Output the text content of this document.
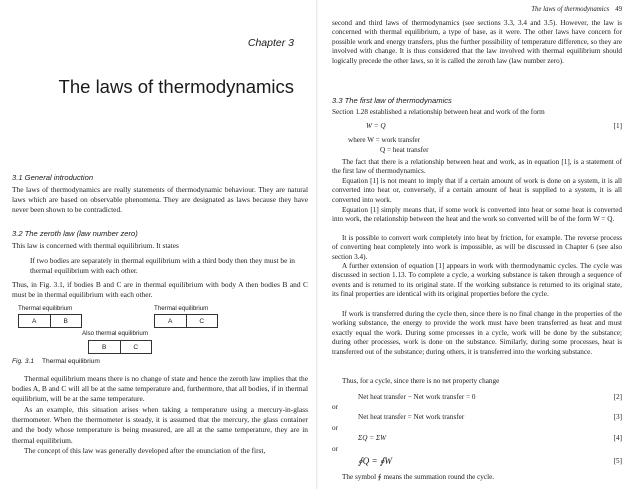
Chapter 3
The laws of thermodynamics
3.1 General introduction

The laws of thermodynamics are really statements of thermodynamic behaviour. They are natural laws which are based on observable phenomena. They are designated as laws because they have never been shown to be contradicted.

3.2 The zeroth law (law number zero)

This law is concerned with thermal equilibrium. It states

If two bodies are separately in thermal equilibrium with a third body then they must be in thermal equilibrium with each other.

Thus, in Fig. 3.1, if bodies B and C are in thermal equilibrium with body A then bodies B and C must be in thermal equilibrium with each other.

Thermal equilibrium
A	B
Thermal equilibrium
A	C
Also thermal equilibrium
B	C
Fig. 3.1 Thermal equilibrium

Thermal equilibrium means there is no change of state and hence the zeroth law implies that the bodies A, B and C will all be at the same temperature and, furthermore, that all bodies, if in thermal equilibrium, will be at the same temperature.

As an example, this situation arises when taking a temperature using a mercury-in-glass thermometer. When the thermometer is steady, it is assumed that the mercury, the glass container and the body whose temperature is being measured, are all at the same temperature, they are in thermal equilibrium.

The concept of this law was generally developed after the enunciation of the first,

The laws of thermodynamics 49

second and third laws of thermodynamics (see sections 3.3, 3.4 and 3.5). However, the law is concerned with thermal equilibrium, a type of base, as it were. The other laws have concern for possible work and energy transfers, plus the further possibility of temperature difference, so they are involved with change. It is thus considered that the law involved with thermal equilibrium should logically precede the other laws, so it is called the zeroth law (law number zero).

3.3 The first law of thermodynamics

Section 1.28 established a relationship between heat and work of the form

W = Q	[1]
where W = work transfer
Q = heat transfer

The fact that there is a relationship between heat and work, as in equation [1], is a statement of the first law of thermodynamics.

Equation [1] is not meant to imply that if a certain amount of work is done on a system, it is all converted into heat or, conversely, if a certain amount of heat is supplied to a system, it is all converted into work.

Equation [1] simply means that, if some work is converted into heat or some heat is converted into work, the relationship between the heat and the work so converted will be of the form W = Q.

It is possible to convert work completely into heat by friction, for example. The reverse process of converting heat completely into work is impossible, as will be discussed in Chapter 6 (see also section 3.4).

A further extension of equation [1] appears in work with thermodynamic cycles. The cycle was discussed in section 1.13. To complete a cycle, a working substance is taken through a sequence of events and is returned to its original state. If the working substance is returned to its original state, its final properties are identical with its original properties before the cycle.

If work is transferred during the cycle then, since there is no final change in the properties of the working substance, the energy to provide the work must have been transferred as heat and must exactly equal the work. During some processes in a cycle, work will be done by the substance; during other processes, work is done on the substance. Similarly, during some processes, heat is transferred out of the substance; during others, it is transferred into the working substance.

Thus, for a cycle, since there is no net property change

Net heat transfer − Net work transfer = 0	[2]
or
Net heat transfer = Net work transfer	[3]
or
ΣQ = ΣW	[4]
or
∮Q = ∮W	[5]
The symbol ∮ means the summation round the cycle.
